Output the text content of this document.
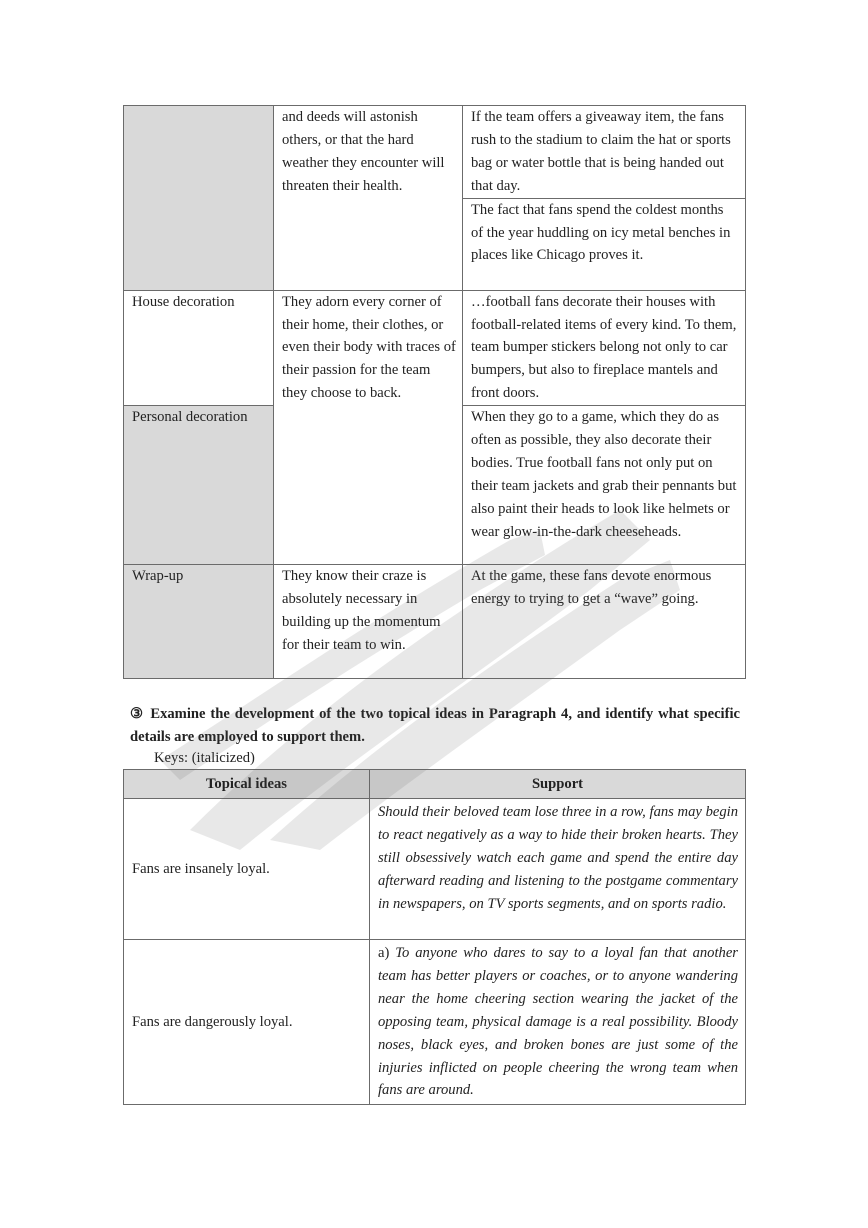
	and deeds will astonish others, or that the hard weather they encounter will threaten their health.	If the team offers a giveaway item, the fans rush to the stadium to claim the hat or sports bag or water bottle that is being handed out that day.
		The fact that fans spend the coldest months of the year huddling on icy metal benches in places like Chicago proves it.
House decoration	They adorn every corner of their home, their clothes, or even their body with traces of their passion for the team they choose to back.	…football fans decorate their houses with football-related items of every kind. To them, team bumper stickers belong not only to car bumpers, but also to fireplace mantels and front doors.
Personal decoration		When they go to a game, which they do as often as possible, they also decorate their bodies. True football fans not only put on their team jackets and grab their pennants but also paint their heads to look like helmets or wear glow-in-the-dark cheeseheads.
Wrap-up	They know their craze is absolutely necessary in building up the momentum for their team to win.	At the game, these fans devote enormous energy to trying to get a “wave” going.
③ Examine the development of the two topical ideas in Paragraph 4, and identify what specific details are employed to support them.
Keys: (italicized)
Topical ideas	Support
Fans are insanely loyal.	Should their beloved team lose three in a row, fans may begin to react negatively as a way to hide their broken hearts. They still obsessively watch each game and spend the entire day afterward reading and listening to the postgame commentary in newspapers, on TV sports segments, and on sports radio.
Fans are dangerously loyal.	a) To anyone who dares to say to a loyal fan that another team has better players or coaches, or to anyone wandering near the home cheering section wearing the jacket of the opposing team, physical damage is a real possibility. Bloody noses, black eyes, and broken bones are just some of the injuries inflicted on people cheering the wrong team when fans are around.
